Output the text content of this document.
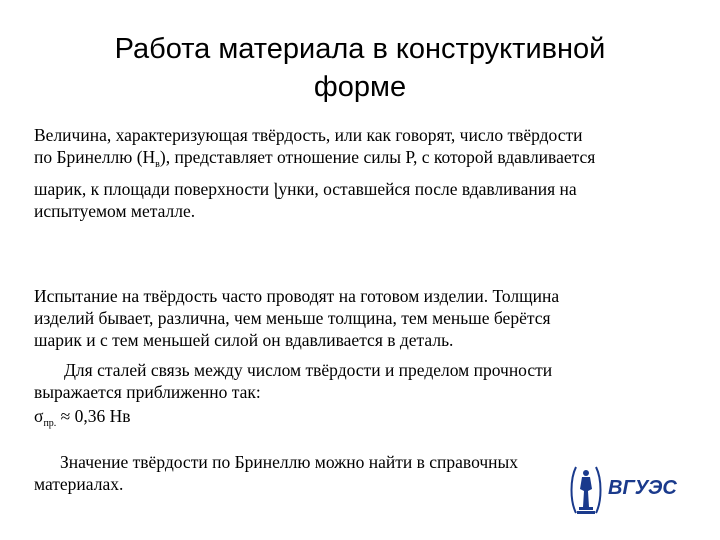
Работа материала в конструктивной
форме
Величина, характеризующая твёрдость, или как говорят, число твёрдости
по Бринеллю $(Н_в)$, представляет отношение силы Р, с которой вдавливается
шарик, к площади поверхности ɭунки, оставшейся после вдавливания на
испытуемом металле.
Испытание на твёрдость часто проводят на готовом изделии. Толщина
изделий бывает, различна, чем меньше толщина, тем меньше берётся
шарик и с тем меньшей силой он вдавливается в деталь.
Для сталей связь между числом твёрдости и пределом прочности
выражается приближенно так:
$\sigma_{пр.} \approx 0,36$ Нв
Значение твёрдости по Бринеллю можно найти в справочных
материалах.	ВГУЭС
